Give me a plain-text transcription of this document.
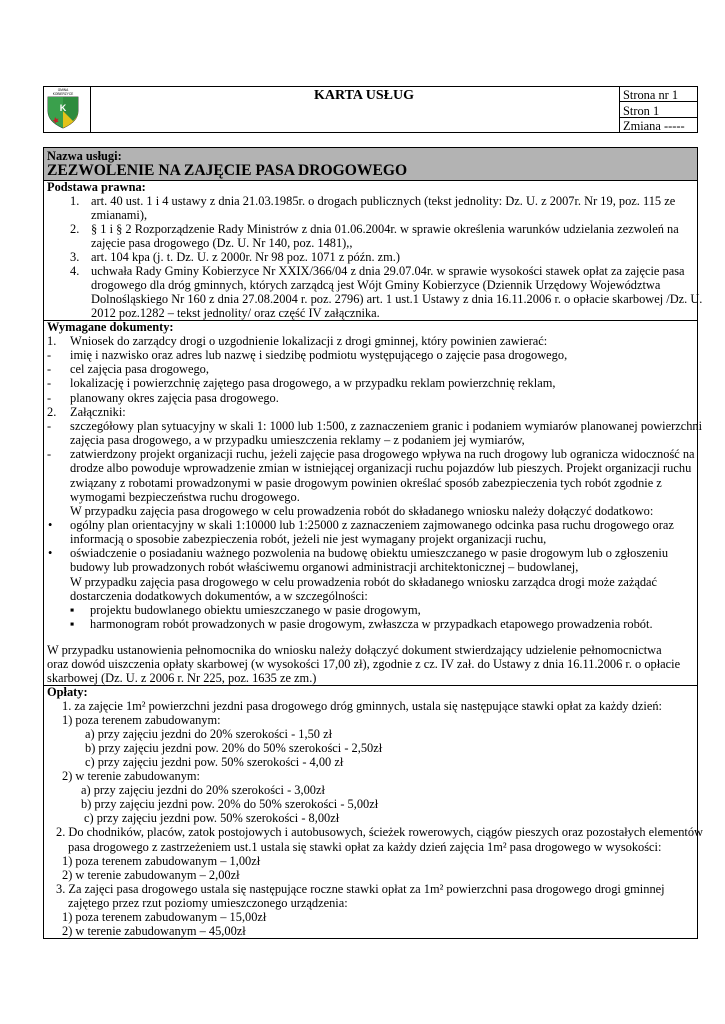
GMINA
KOBIERZYCE
K
KARTA USŁUG	Strona nr 1
Stron 1
Zmiana -----
Nazwa usługi:
ZEZWOLENIE NA ZAJĘCIE PASA DROGOWEGO
Podstawa prawna:
1. art. 40 ust. 1 i 4 ustawy z dnia 21.03.1985r. o drogach publicznych (tekst jednolity: Dz. U. z 2007r. Nr 19, poz. 115 ze
zmianami),
2. § 1 i § 2 Rozporządzenie Rady Ministrów z dnia 01.06.2004r. w sprawie określenia warunków udzielania zezwoleń na
zajęcie pasa drogowego (Dz. U. Nr 140, poz. 1481),,
3. art. 104 kpa (j. t. Dz. U. z 2000r. Nr 98 poz. 1071 z późn. zm.)
4. uchwała Rady Gminy Kobierzyce Nr XXIX/366/04 z dnia 29.07.04r. w sprawie wysokości stawek opłat za zajęcie pasa
drogowego dla dróg gminnych, których zarządcą jest Wójt Gminy Kobierzyce (Dziennik Urzędowy Województwa
Dolnośląskiego Nr 160 z dnia 27.08.2004 r. poz. 2796) art. 1 ust.1 Ustawy z dnia 16.11.2006 r. o opłacie skarbowej /Dz. U.
2012 poz.1282 – tekst jednolity/ oraz część IV załącznika.
Wymagane dokumenty:
1. Wniosek do zarządcy drogi o uzgodnienie lokalizacji z drogi gminnej, który powinien zawierać:
- imię i nazwisko oraz adres lub nazwę i siedzibę podmiotu występującego o zajęcie pasa drogowego,
- cel zajęcia pasa drogowego,
- lokalizację i powierzchnię zajętego pasa drogowego, a w przypadku reklam powierzchnię reklam,
- planowany okres zajęcia pasa drogowego.
2. Załączniki:
- szczegółowy plan sytuacyjny w skali 1: 1000 lub 1:500, z zaznaczeniem granic i podaniem wymiarów planowanej powierzchni
zajęcia pasa drogowego, a w przypadku umieszczenia reklamy – z podaniem jej wymiarów,
- zatwierdzony projekt organizacji ruchu, jeżeli zajęcie pasa drogowego wpływa na ruch drogowy lub ogranicza widoczność na
drodze albo powoduje wprowadzenie zmian w istniejącej organizacji ruchu pojazdów lub pieszych. Projekt organizacji ruchu
związany z robotami prowadzonymi w pasie drogowym powinien określać sposób zabezpieczenia tych robót zgodnie z
wymogami bezpieczeństwa ruchu drogowego.
W przypadku zajęcia pasa drogowego w celu prowadzenia robót do składanego wniosku należy dołączyć dodatkowo:
• ogólny plan orientacyjny w skali 1:10000 lub 1:25000 z zaznaczeniem zajmowanego odcinka pasa ruchu drogowego oraz
informacją o sposobie zabezpieczenia robót, jeżeli nie jest wymagany projekt organizacji ruchu,
• oświadczenie o posiadaniu ważnego pozwolenia na budowę obiektu umieszczanego w pasie drogowym lub o zgłoszeniu
budowy lub prowadzonych robót właściwemu organowi administracji architektonicznej – budowlanej,
W przypadku zajęcia pasa drogowego w celu prowadzenia robót do składanego wniosku zarządca drogi może zażądać
dostarczenia dodatkowych dokumentów, a w szczególności:
▪ projektu budowlanego obiektu umieszczanego w pasie drogowym,
▪ harmonogram robót prowadzonych w pasie drogowym, zwłaszcza w przypadkach etapowego prowadzenia robót.
W przypadku ustanowienia pełnomocnika do wniosku należy dołączyć dokument stwierdzający udzielenie pełnomocnictwa
oraz dowód uiszczenia opłaty skarbowej (w wysokości 17,00 zł), zgodnie z cz. IV zał. do Ustawy z dnia 16.11.2006 r. o opłacie
skarbowej (Dz. U. z 2006 r. Nr 225, poz. 1635 ze zm.)
Opłaty:
1. za zajęcie 1m² powierzchni jezdni pasa drogowego dróg gminnych, ustala się następujące stawki opłat za każdy dzień:
1) poza terenem zabudowanym:
a) przy zajęciu jezdni do 20% szerokości - 1,50 zł
b) przy zajęciu jezdni pow. 20% do 50% szerokości - 2,50zł
c) przy zajęciu jezdni pow. 50% szerokości - 4,00 zł
2) w terenie zabudowanym:
a) przy zajęciu jezdni do 20% szerokości - 3,00zł
b) przy zajęciu jezdni pow. 20% do 50% szerokości - 5,00zł
c) przy zajęciu jezdni pow. 50% szerokości - 8,00zł
2. Do chodników, placów, zatok postojowych i autobusowych, ścieżek rowerowych, ciągów pieszych oraz pozostałych elementów
pasa drogowego z zastrzeżeniem ust.1 ustala się stawki opłat za każdy dzień zajęcia 1m² pasa drogowego w wysokości:
1) poza terenem zabudowanym – 1,00zł
2) w terenie zabudowanym – 2,00zł
3. Za zajęci pasa drogowego ustala się następujące roczne stawki opłat za 1m² powierzchni pasa drogowego drogi gminnej
zajętego przez rzut poziomy umieszczonego urządzenia:
1) poza terenem zabudowanym – 15,00zł
2) w terenie zabudowanym – 45,00zł
